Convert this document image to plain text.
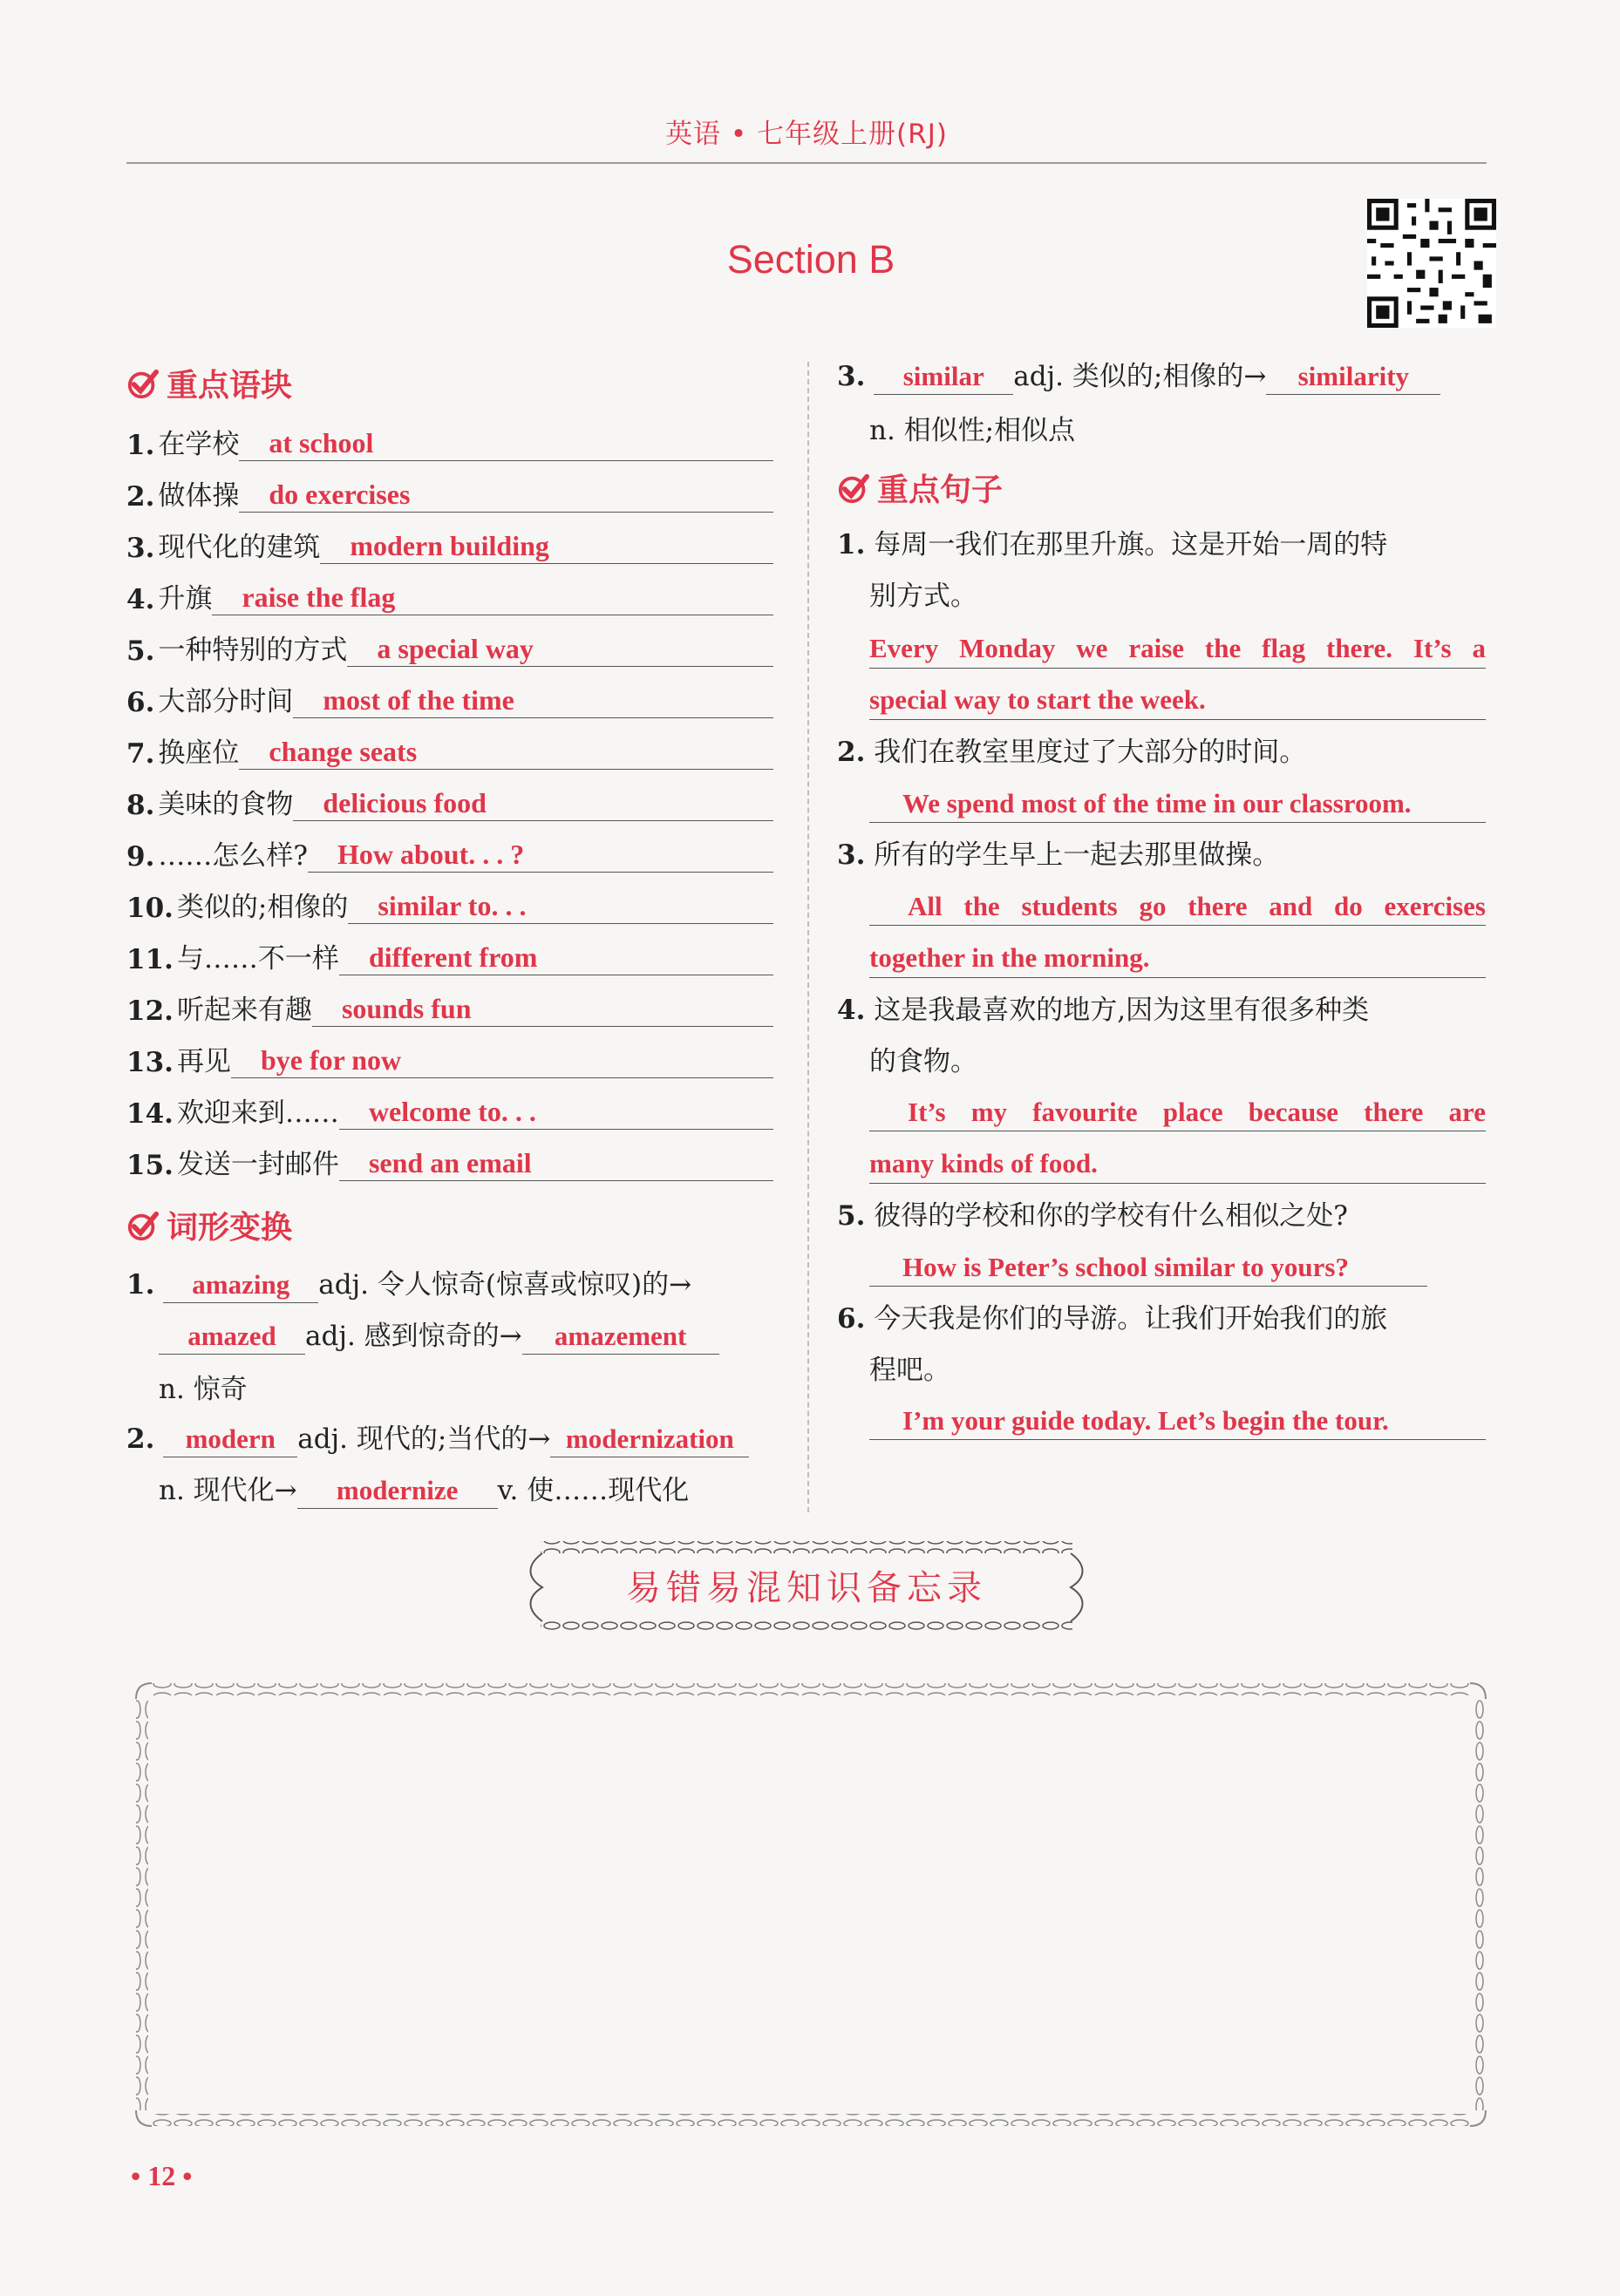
英语 • 七年级上册(RJ)
Section B
重点语块
1. 在学校	at school
2. 做体操	do exercises
3. 现代化的建筑	modern building
4. 升旗	raise the flag
5. 一种特别的方式	a special way
6. 大部分时间	most of the time
7. 换座位	change seats
8. 美味的食物	delicious food
9. ……怎么样?	How about. . . ?
10. 类似的;相像的	similar to. . .
11. 与……不一样	different from
12. 听起来有趣	sounds fun
13. 再见	bye for now
14. 欢迎来到……	welcome to. . .
15. 发送一封邮件	send an email
词形变换
1. amazing adj. 令人惊奇(惊喜或惊叹)的→
amazed adj. 感到惊奇的→ amazement
n. 惊奇
2. modern adj. 现代的;当代的→ modernization
n. 现代化→ modernize v. 使……现代化
3. similar adj. 类似的;相像的→ similarity
n. 相似性;相似点
重点句子
1. 每周一我们在那里升旗。这是开始一周的特
别方式。
Every Monday we raise the flag there. It’s a
special way to start the week.
2. 我们在教室里度过了大部分的时间。
We spend most of the time in our classroom.
3. 所有的学生早上一起去那里做操。
All the students go there and do exercises
together in the morning.
4. 这是我最喜欢的地方,因为这里有很多种类
的食物。
It’s my favourite place because there are
many kinds of food.
5. 彼得的学校和你的学校有什么相似之处?
How is Peter’s school similar to yours?
6. 今天我是你们的导游。让我们开始我们的旅
程吧。
I’m your guide today. Let’s begin the tour.
易错易混知识备忘录
• 12 •
